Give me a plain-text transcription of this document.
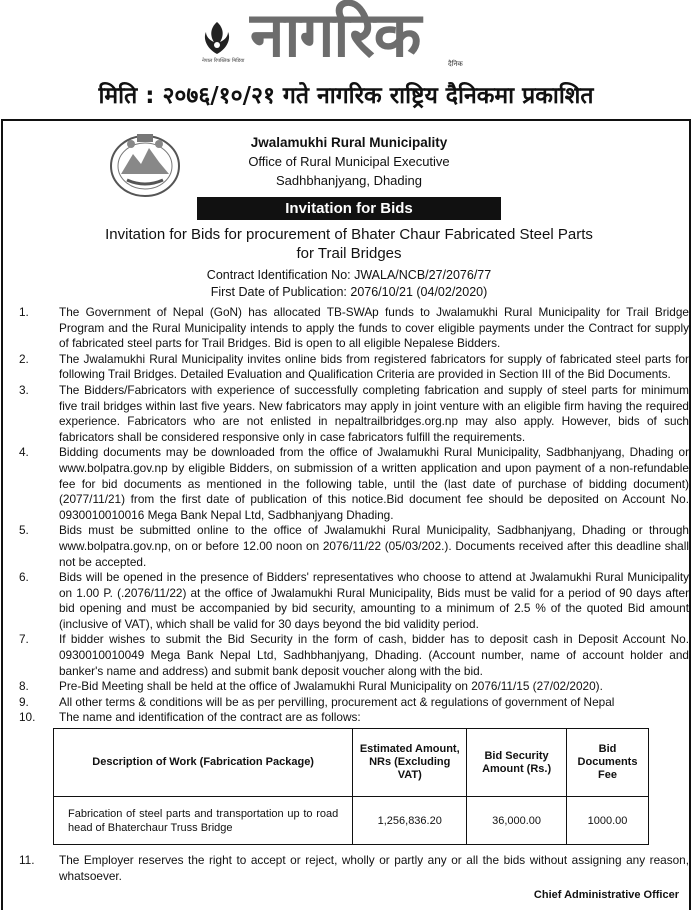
नेपाल रिपब्लिक मिडिया नागरिक	दैनिक
मिति : २०७६/१०/२१ गते नागरिक राष्ट्रिय दैनिकमा प्रकाशित
Jwalamukhi Rural Municipality
Office of Rural Municipal Executive
Sadhbhanjyang, Dhading
Invitation for Bids
Invitation for Bids for procurement of Bhater Chaur Fabricated Steel Parts
for Trail Bridges
Contract Identification No: JWALA/NCB/27/2076/77
First Date of Publication: 2076/10/21 (04/02/2020)
1.	The Government of Nepal (GoN) has allocated TB-SWAp funds to Jwalamukhi Rural Municipality for Trail Bridge Program and the Rural Municipality intends to apply the funds to cover eligible payments under the Contract for supply of fabricated steel parts for Trail Bridges. Bid is open to all eligible Nepalese Bidders.
2.	The Jwalamukhi Rural Municipality invites online bids from registered fabricators for supply of fabricated steel parts for following Trail Bridges. Detailed Evaluation and Qualification Criteria are provided in Section III of the Bid Documents.
3.	The Bidders/Fabricators with experience of successfully completing fabrication and supply of steel parts for minimum five trail bridges within last five years. New fabricators may apply in joint venture with an eligible firm having the required experience. Fabricators who are not enlisted in nepaltrailbridges.org.np may also apply. However, bids of such fabricators shall be considered responsive only in case fabricators fulfill the requirements.
4.	Bidding documents may be downloaded from the office of Jwalamukhi Rural Municipality, Sadbhanjyang, Dhading or www.bolpatra.gov.np by eligible Bidders, on submission of a written application and upon payment of a non-refundable fee for bid documents as mentioned in the following table, until the (last date of purchase of bidding document) (2077/11/21) from the first date of publication of this notice.Bid document fee should be deposited on Account No. 0930010010016 Mega Bank Nepal Ltd, Sadbhanjyang Dhading.
5.	Bids must be submitted online to the office of Jwalamukhi Rural Municipality, Sadbhanjyang, Dhading or through www.bolpatra.gov.np, on or before 12.00 noon on 2076/11/22 (05/03/202.). Documents received after this deadline shall not be accepted.
6.	Bids will be opened in the presence of Bidders' representatives who choose to attend at Jwalamukhi Rural Municipality on 1.00 P. (.2076/11/22) at the office of Jwalamukhi Rural Municipality, Bids must be valid for a period of 90 days after bid opening and must be accompanied by bid security, amounting to a minimum of 2.5 % of the quoted Bid amount (inclusive of VAT), which shall be valid for 30 days beyond the bid validity period.
7.	If bidder wishes to submit the Bid Security in the form of cash, bidder has to deposit cash in Deposit Account No. 0930010010049 Mega Bank Nepal Ltd, Sadhbhanjyang, Dhading. (Account number, name of account holder and banker's name and address) and submit bank deposit voucher along with the bid.
8.	Pre-Bid Meeting shall be held at the office of Jwalamukhi Rural Municipality on 2076/11/15 (27/02/2020).
9.	All other terms & conditions will be as per pervilling, procurement act & regulations of government of Nepal
10. The name and identification of the contract are as follows:
Description of Work (Fabrication Package)	Estimated Amount, NRs (Excluding VAT)	Bid Security Amount (Rs.)	Bid Documents Fee
Fabrication of steel parts and transportation up to road head of Bhaterchaur Truss Bridge	1,256,836.20	36,000.00	1000.00
11. The Employer reserves the right to accept or reject, wholly or partly any or all the bids without assigning any reason, whatsoever.
Chief Administrative Officer
